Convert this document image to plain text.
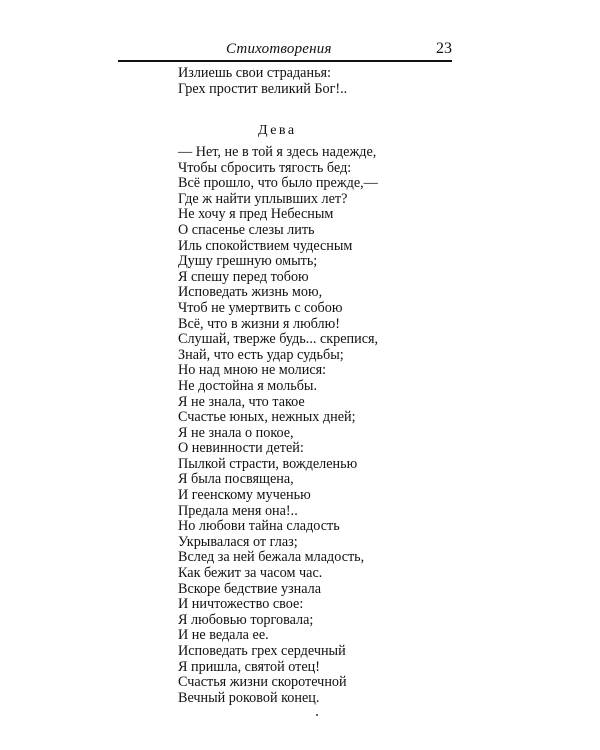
Стихотворения	23
Излиешь свои страданья:
Грех простит великий Бог!..
Дева
— Нет, не в той я здесь надежде,
Чтобы сбросить тягость бед:
Всё прошло, что было прежде,—
Где ж найти уплывших лет?
Не хочу я пред Небесным
О спасенье слезы лить
Иль спокойствием чудесным
Душу грешную омыть;
Я спешу перед тобою
Исповедать жизнь мою,
Чтоб не умертвить с собою
Всё, что в жизни я люблю!
Слушай, тверже будь... скрепися,
Знай, что есть удар судьбы;
Но над мною не молися:
Не достойна я мольбы.
Я не знала, что такое
Счастье юных, нежных дней;
Я не знала о покое,
О невинности детей:
Пылкой страсти, вожделенью
Я была посвящена,
И геенскому мученью
Предала меня она!..
Но любови тайна сладость
Укрывалася от глаз;
Вслед за ней бежала младость,
Как бежит за часом час.
Вскоре бедствие узнала
И ничтожество свое:
Я любовью торговала;
И не ведала ее.
Исповедать грех сердечный
Я пришла, святой отец!
Счастья жизни скоротечной
Вечный роковой конец.
